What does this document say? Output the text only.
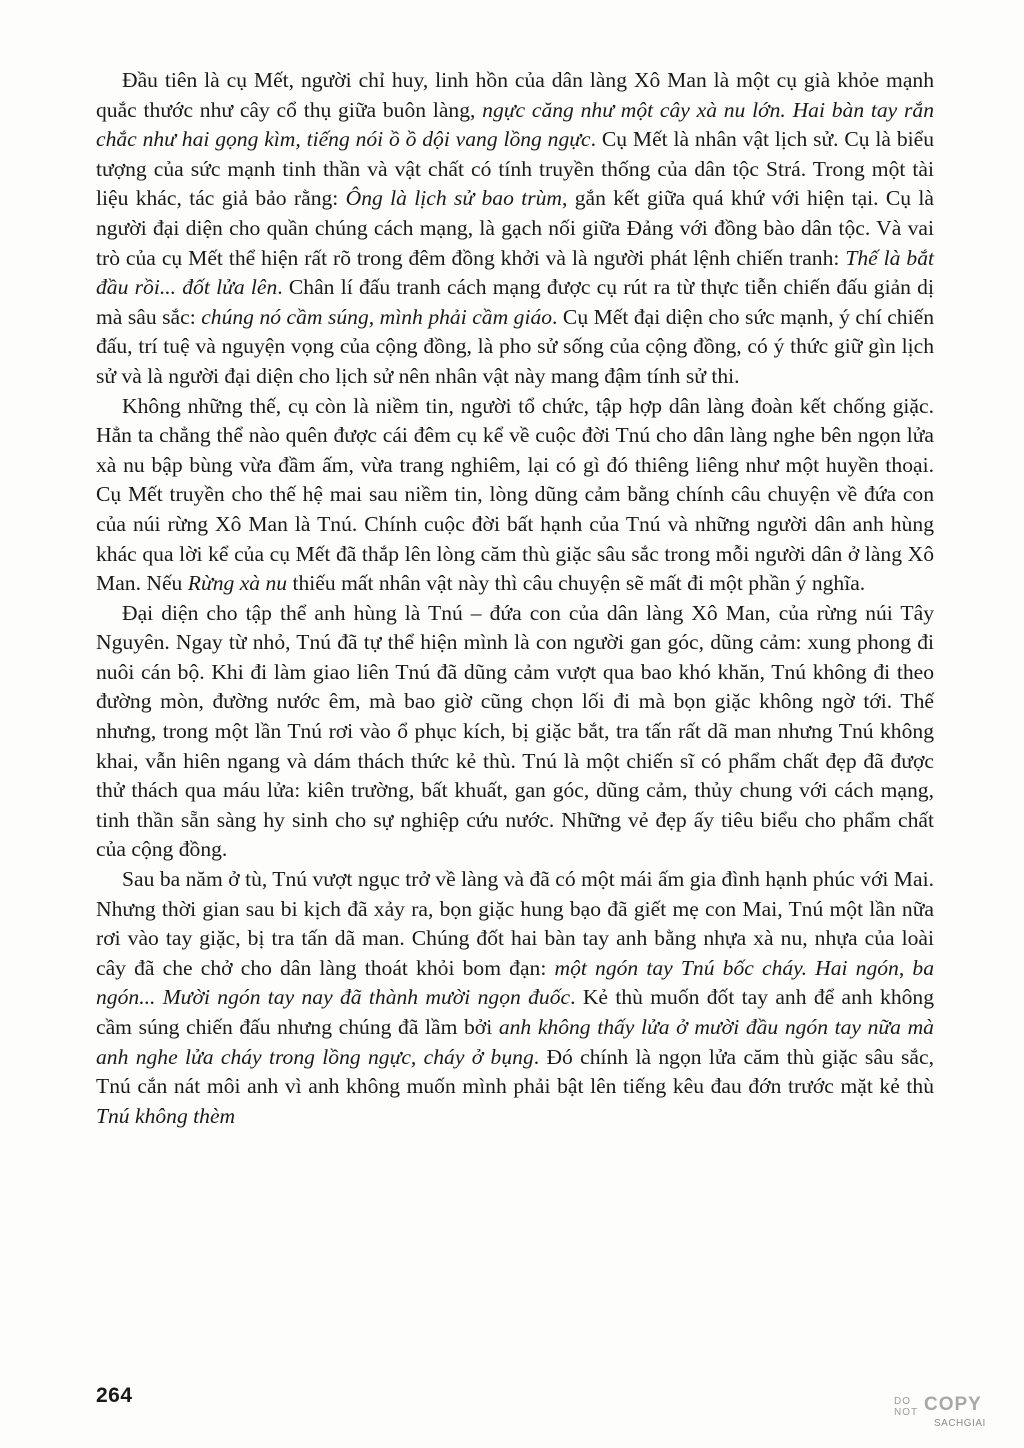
Đầu tiên là cụ Mết, người chỉ huy, linh hồn của dân làng Xô Man là một cụ già khỏe mạnh quắc thước như cây cổ thụ giữa buôn làng, ngực căng như một cây xà nu lớn. Hai bàn tay rắn chắc như hai gọng kìm, tiếng nói ồ ồ dội vang lồng ngực. Cụ Mết là nhân vật lịch sử. Cụ là biểu tượng của sức mạnh tinh thần và vật chất có tính truyền thống của dân tộc Strá. Trong một tài liệu khác, tác giả bảo rằng: Ông là lịch sử bao trùm, gắn kết giữa quá khứ với hiện tại. Cụ là người đại diện cho quần chúng cách mạng, là gạch nối giữa Đảng với đồng bào dân tộc. Và vai trò của cụ Mết thể hiện rất rõ trong đêm đồng khởi và là người phát lệnh chiến tranh: Thế là bắt đầu rồi... đốt lửa lên. Chân lí đấu tranh cách mạng được cụ rút ra từ thực tiễn chiến đấu giản dị mà sâu sắc: chúng nó cầm súng, mình phải cầm giáo. Cụ Mết đại diện cho sức mạnh, ý chí chiến đấu, trí tuệ và nguyện vọng của cộng đồng, là pho sử sống của cộng đồng, có ý thức giữ gìn lịch sử và là người đại diện cho lịch sử nên nhân vật này mang đậm tính sử thi.

Không những thế, cụ còn là niềm tin, người tổ chức, tập hợp dân làng đoàn kết chống giặc. Hẳn ta chẳng thể nào quên được cái đêm cụ kể về cuộc đời Tnú cho dân làng nghe bên ngọn lửa xà nu bập bùng vừa đầm ấm, vừa trang nghiêm, lại có gì đó thiêng liêng như một huyền thoại. Cụ Mết truyền cho thế hệ mai sau niềm tin, lòng dũng cảm bằng chính câu chuyện về đứa con của núi rừng Xô Man là Tnú. Chính cuộc đời bất hạnh của Tnú và những người dân anh hùng khác qua lời kể của cụ Mết đã thắp lên lòng căm thù giặc sâu sắc trong mỗi người dân ở làng Xô Man. Nếu Rừng xà nu thiếu mất nhân vật này thì câu chuyện sẽ mất đi một phần ý nghĩa.

Đại diện cho tập thể anh hùng là Tnú – đứa con của dân làng Xô Man, của rừng núi Tây Nguyên. Ngay từ nhỏ, Tnú đã tự thể hiện mình là con người gan góc, dũng cảm: xung phong đi nuôi cán bộ. Khi đi làm giao liên Tnú đã dũng cảm vượt qua bao khó khăn, Tnú không đi theo đường mòn, đường nước êm, mà bao giờ cũng chọn lối đi mà bọn giặc không ngờ tới. Thế nhưng, trong một lần Tnú rơi vào ổ phục kích, bị giặc bắt, tra tấn rất dã man nhưng Tnú không khai, vẫn hiên ngang và dám thách thức kẻ thù. Tnú là một chiến sĩ có phẩm chất đẹp đã được thử thách qua máu lửa: kiên trường, bất khuất, gan góc, dũng cảm, thủy chung với cách mạng, tinh thần sẵn sàng hy sinh cho sự nghiệp cứu nước. Những vẻ đẹp ấy tiêu biểu cho phẩm chất của cộng đồng.

Sau ba năm ở tù, Tnú vượt ngục trở về làng và đã có một mái ấm gia đình hạnh phúc với Mai. Nhưng thời gian sau bi kịch đã xảy ra, bọn giặc hung bạo đã giết mẹ con Mai, Tnú một lần nữa rơi vào tay giặc, bị tra tấn dã man. Chúng đốt hai bàn tay anh bằng nhựa xà nu, nhựa của loài cây đã che chở cho dân làng thoát khỏi bom đạn: một ngón tay Tnú bốc cháy. Hai ngón, ba ngón... Mười ngón tay nay đã thành mười ngọn đuốc. Kẻ thù muốn đốt tay anh để anh không cầm súng chiến đấu nhưng chúng đã lầm bởi anh không thấy lửa ở mười đầu ngón tay nữa mà anh nghe lửa cháy trong lồng ngực, cháy ở bụng. Đó chính là ngọn lửa căm thù giặc sâu sắc, Tnú cắn nát môi anh vì anh không muốn mình phải bật lên tiếng kêu đau đớn trước mặt kẻ thù Tnú không thèm

264	DO
NOT COPY
SACHGIAI
